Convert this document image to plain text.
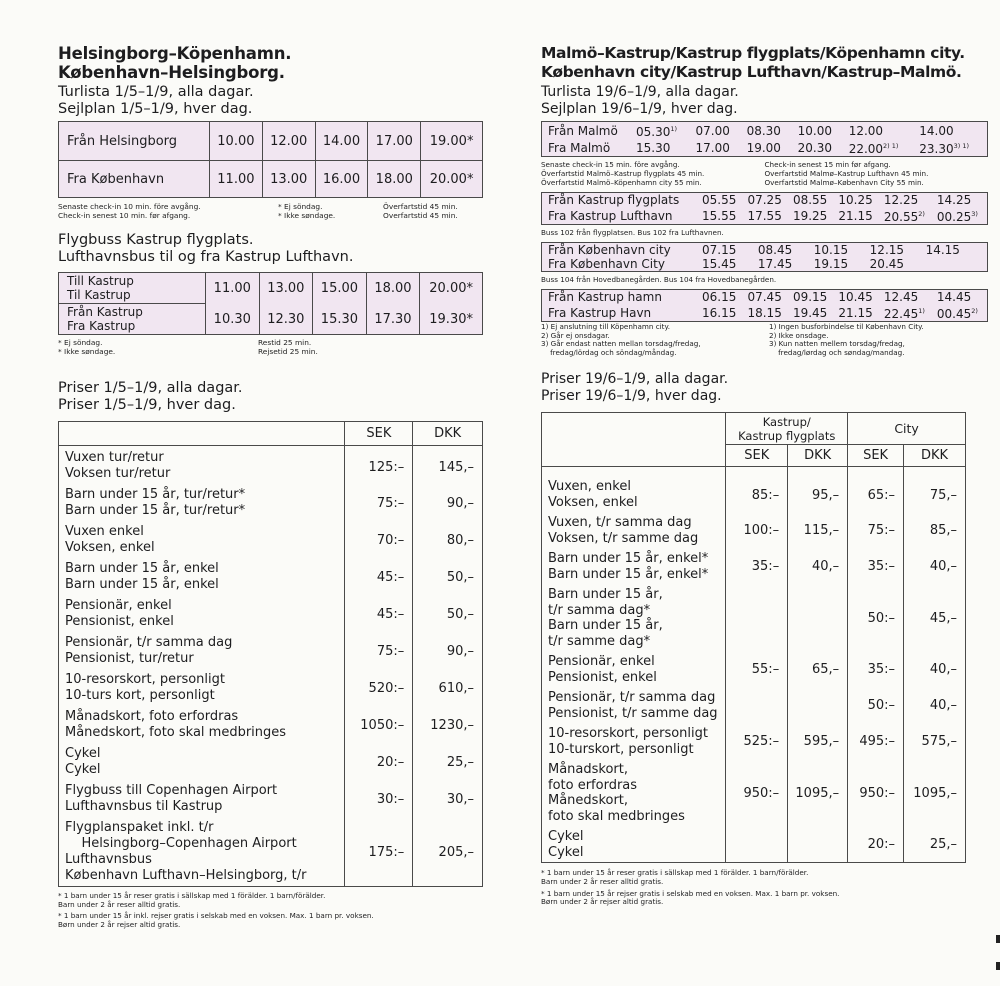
Helsingborg–Köpenhamn.
København–Helsingborg.
Turlista 1/5–1/9, alla dagar.
Sejlplan 1/5–1/9, hver dag.
Från Helsingborg	10.00	12.00	14.00	17.00	19.00*
Fra København	11.00	13.00	16.00	18.00	20.00*
Senaste check-in 10 min. före avgång.	* Ej söndag.	Överfartstid 45 min.
Check-in senest 10 min. før afgang.	* Ikke søndage.	Overfartstid 45 min.
Flygbuss Kastrup flygplats.
Lufthavnsbus til og fra Kastrup Lufthavn.
Till Kastrup
Til Kastrup	11.00	13.00	15.00	18.00	20.00*

Från Kastrup
Fra Kastrup	10.30	12.30	15.30	17.30	19.30*
* Ej söndag.	Restid 25 min.
* Ikke søndage.	Rejsetid 25 min.
Priser 1/5–1/9, alla dagar.
Priser 1/5–1/9, hver dag.
	SEK	DKK

Vuxen tur/retur
Voksen tur/retur	125:–	145,–

Barn under 15 år, tur/retur*
Barn under 15 år, tur/retur*	75:–	90,–

Vuxen enkel
Voksen, enkel	70:–	80,–

Barn under 15 år, enkel
Barn under 15 år, enkel	45:–	50,–

Pensionär, enkel
Pensionist, enkel	45:–	50,–

Pensionär, t/r samma dag
Pensionist, tur/retur	75:–	90,–

10-resorskort, personligt
10-turs kort, personligt	520:–	610,–

Månadskort, foto erfordras
Månedskort, foto skal medbringes	1050:–	1230,–

Cykel
Cykel	20:–	25,–

Flygbuss till Copenhagen Airport
Lufthavnsbus til Kastrup	30:–	30,–

Flygplanspaket inkl. t/r
Helsingborg–Copenhagen Airport
Lufthavnsbus
København Lufthavn–Helsingborg, t/r	175:–	205,–
* 1 barn under 15 år reser gratis i sällskap med 1 förälder. 1 barn/förälder.
Barn under 2 år reser alltid gratis.
* 1 barn under 15 år inkl. rejser gratis i selskab med en voksen. Max. 1 barn pr. voksen.
Børn under 2 år rejser altid gratis.
Malmö–Kastrup/Kastrup flygplats/Köpenhamn city.
København city/Kastrup Lufthavn/Kastrup–Malmö.
Turlista 19/6–1/9, alla dagar.
Sejlplan 19/6–1/9, hver dag.
Från Malmö	05.30$^{1)}$	07.00	08.30	10.00	12.00	14.00
Fra Malmö	15.30	17.00	19.00	20.30	$22.00^{2) 1)}$	$23.30^{3) 1)}$
Senaste check-in 15 min. före avgång.	Check-in senest 15 min før afgang.
Överfartstid Malmö–Kastrup flygplats 45 min.	Overfartstid Malmø–Kastrup Lufthavn 45 min.
Överfartstid Malmö–Köpenhamn city 55 min.	Overfartstid Malmø–København City 55 min.
Från Kastrup flygplats	05.55	07.25	08.55	10.25	12.25	14.25
Fra Kastrup Lufthavn	15.55	17.55	19.25	21.15	20.55$^{2)}$	00.25$^{3)}$
Buss 102 från flygplatsen. Bus 102 fra Lufthavnen.
Från København city	07.15	08.45	10.15	12.15	14.15	
Fra København City	15.45	17.45	19.15	20.45		
Buss 104 från Hovedbanegården. Bus 104 fra Hovedbanegården.
Från Kastrup hamn	06.15	07.45	09.15	10.45	12.45	14.45
Fra Kastrup Havn	16.15	18.15	19.45	21.15	22.45$^{1)}$	00.45$^{2)}$
1) Ej anslutning till Köpenhamn city.
2) Går ej onsdagar.
3) Går endast natten mellan torsdag/fredag,
fredag/lördag och söndag/måndag.

1) Ingen busforbindelse til København City.
2) Ikke onsdage.
3) Kun natten mellem torsdag/fredag,
fredag/lørdag och søndag/mandag.
Priser 19/6–1/9, alla dagar.
Priser 19/6–1/9, hver dag.

	Kastrup/
Kastrup flygplats		City	
	SEK	DKK	SEK	DKK

Vuxen, enkel
Voksen, enkel	85:–	95,–	65:–	75,–

Vuxen, t/r samma dag
Voksen, t/r samme dag	100:–	115,–	75:–	85,–

Barn under 15 år, enkel*
Barn under 15 år, enkel*	35:–	40,–	35:–	40,–

Barn under 15 år,
t/r samma dag*
Barn under 15 år,
t/r samme dag*			50:–	45,–

Pensionär, enkel
Pensionist, enkel	55:–	65,–	35:–	40,–

Pensionär, t/r samma dag
Pensionist, t/r samme dag			50:–	40,–

10-resorskort, personligt
10-turskort, personligt	525:–	595,–	495:–	575,–

Månadskort,
foto erfordras
Månedskort,
foto skal medbringes	950:–	1095,–	950:–	1095,–

Cykel
Cykel			20:–	25,–
* 1 barn under 15 år reser gratis i sällskap med 1 förälder. 1 barn/förälder.
Barn under 2 år reser alltid gratis.
* 1 barn under 15 år rejser gratis i selskab med en voksen. Max. 1 barn pr. voksen.
Børn under 2 år rejser altid gratis.
